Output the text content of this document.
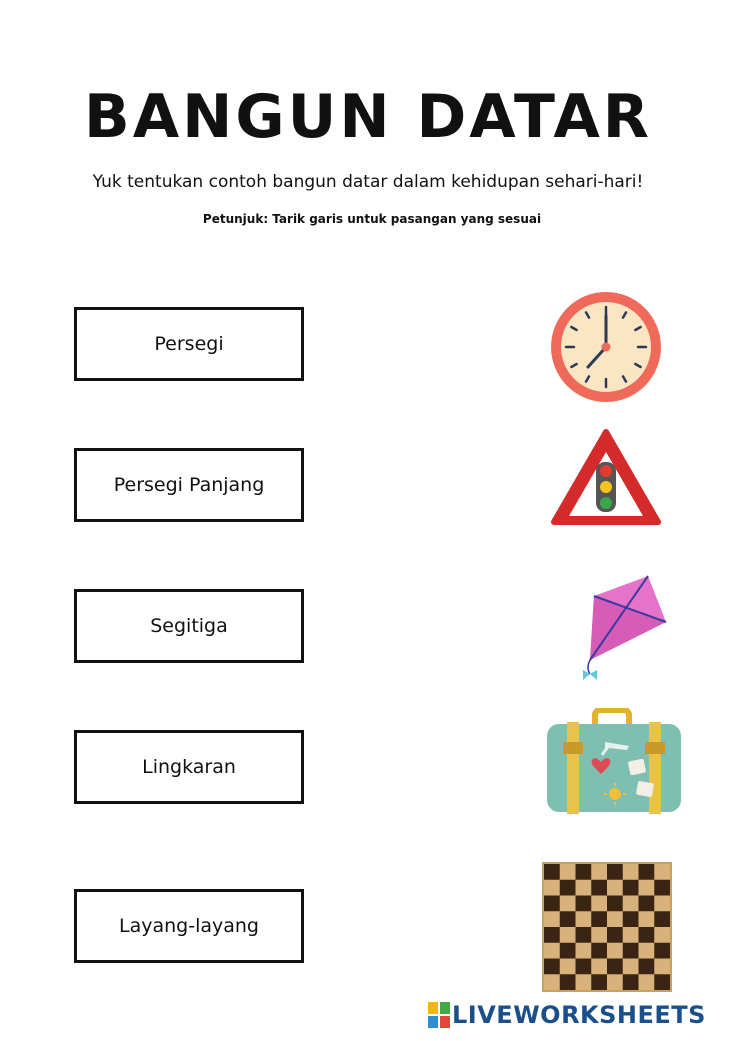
BANGUN DATAR
Yuk tentukan contoh bangun datar dalam kehidupan sehari-hari!
Petunjuk: Tarik garis untuk pasangan yang sesuai
Persegi
Persegi Panjang
Segitiga
Lingkaran
Layang-layang
LIVEWORKSHEETS
